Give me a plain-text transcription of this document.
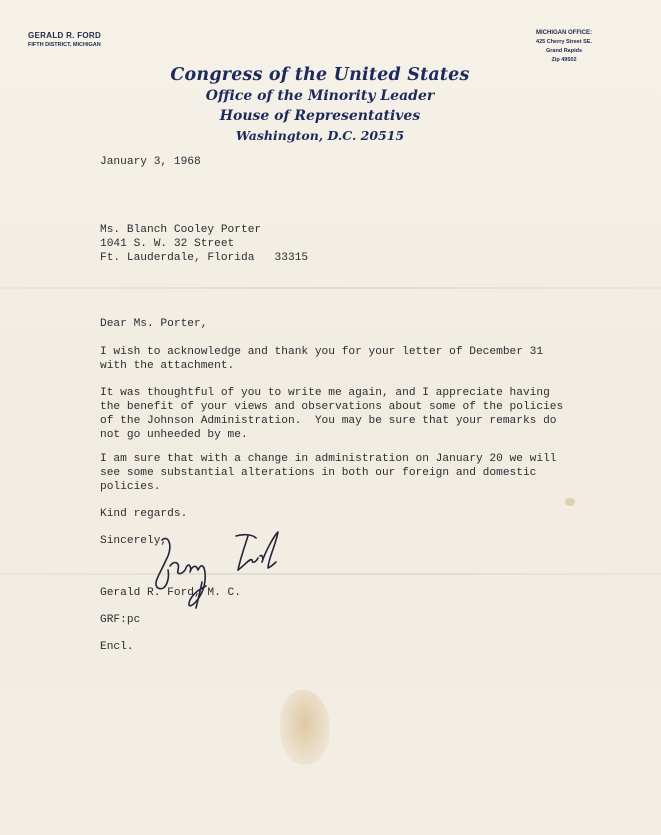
GERALD R. FORD
FIFTH DISTRICT, MICHIGAN
MICHIGAN OFFICE:
425 Cherry Street SE.
Grand Rapids
Zip 49502
Congress of the United States
Office of the Minority Leader
House of Representatives
Washington, D.C. 20515
January 3, 1968
Ms. Blanch Cooley Porter
1041 S. W. 32 Street
Ft. Lauderdale, Florida   33315
Dear Ms. Porter,
I wish to acknowledge and thank you for your letter of December 31
with the attachment.
It was thoughtful of you to write me again, and I appreciate having
the benefit of your views and observations about some of the policies
of the Johnson Administration.  You may be sure that your remarks do
not go unheeded by me.
I am sure that with a change in administration on January 20 we will
see some substantial alterations in both our foreign and domestic
policies.
Kind regards.
Sincerely,
Gerald R. Ford, M. C.
GRF:pc
Encl.
